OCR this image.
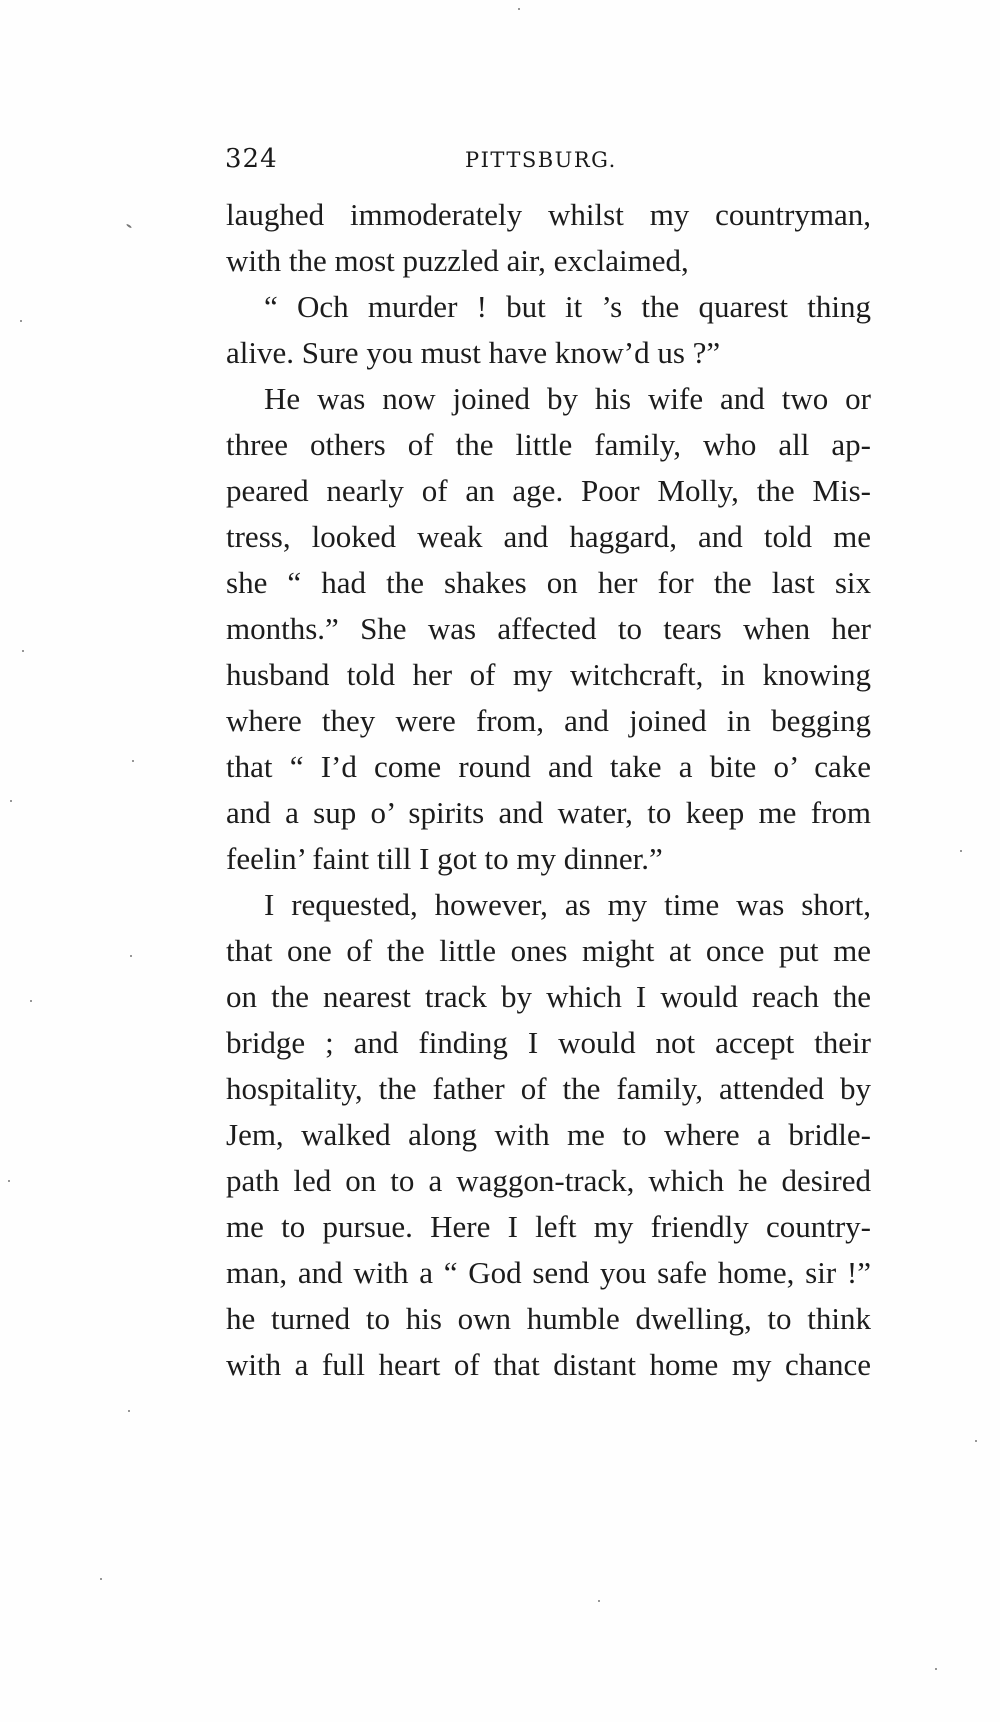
324	PITTSBURG.
laughed immoderately whilst my countryman,
with the most puzzled air, exclaimed,
“ Och murder ! but it ’s the quarest thing
alive. Sure you must have know’d us ?”
He was now joined by his wife and two or
three others of the little family, who all ap-
peared nearly of an age. Poor Molly, the Mis-
tress, looked weak and haggard, and told me
she “ had the shakes on her for the last six
months.” She was affected to tears when her
husband told her of my witchcraft, in knowing
where they were from, and joined in begging
that “ I’d come round and take a bite o’ cake
and a sup o’ spirits and water, to keep me from
feelin’ faint till I got to my dinner.”
I requested, however, as my time was short,
that one of the little ones might at once put me
on the nearest track by which I would reach the
bridge ; and finding I would not accept their
hospitality, the father of the family, attended by
Jem, walked along with me to where a bridle-
path led on to a waggon-track, which he desired
me to pursue. Here I left my friendly country-
man, and with a “ God send you safe home, sir !”
he turned to his own humble dwelling, to think
with a full heart of that distant home my chance
